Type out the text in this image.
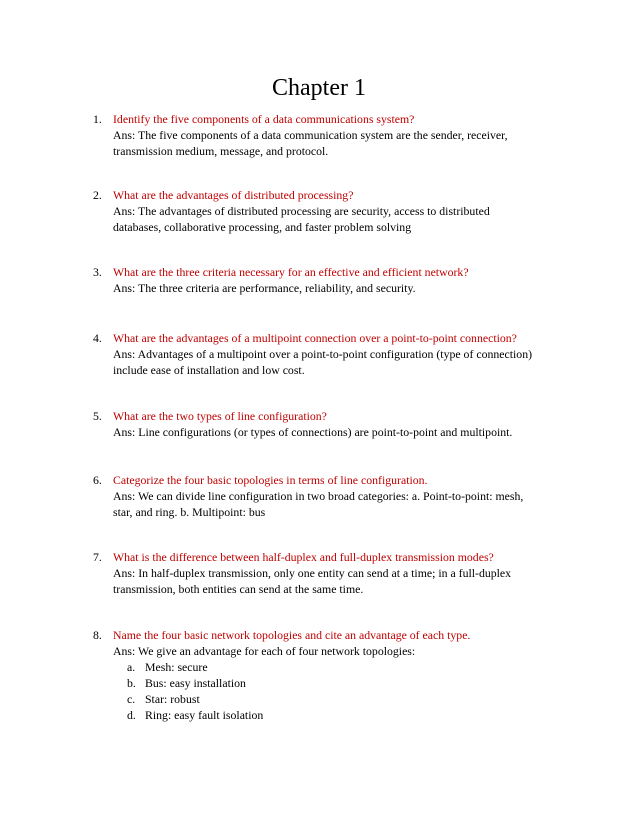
Chapter 1
1. Identify the five components of a data communications system?
Ans: The five components of a data communication system are the sender, receiver,
transmission medium, message, and protocol.
2. What are the advantages of distributed processing?
Ans: The advantages of distributed processing are security, access to distributed
databases, collaborative processing, and faster problem solving
3. What are the three criteria necessary for an effective and efficient network?
Ans: The three criteria are performance, reliability, and security.
4. What are the advantages of a multipoint connection over a point-to-point connection?
Ans: Advantages of a multipoint over a point-to-point configuration (type of connection)
include ease of installation and low cost.
5. What are the two types of line configuration?
Ans: Line configurations (or types of connections) are point-to-point and multipoint.
6. Categorize the four basic topologies in terms of line configuration.
Ans: We can divide line configuration in two broad categories: a. Point-to-point: mesh,
star, and ring. b. Multipoint: bus
7. What is the difference between half-duplex and full-duplex transmission modes?
Ans: In half-duplex transmission, only one entity can send at a time; in a full-duplex
transmission, both entities can send at the same time.
8. Name the four basic network topologies and cite an advantage of each type.
Ans: We give an advantage for each of four network topologies:
a. Mesh: secure
b. Bus: easy installation
c. Star: robust
d. Ring: easy fault isolation
